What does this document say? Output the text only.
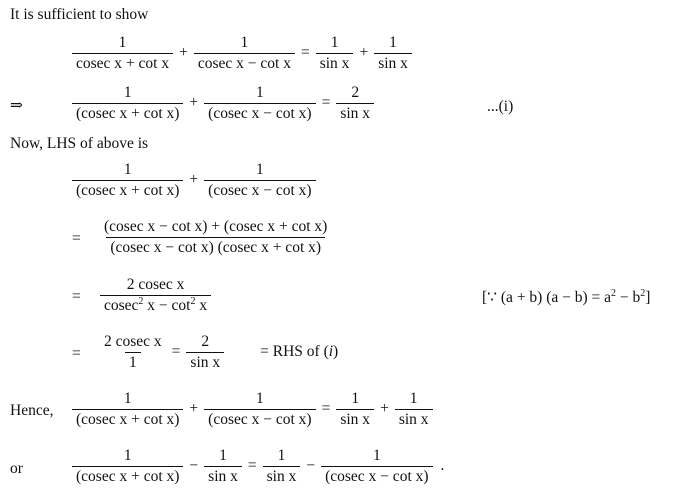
It is sufficient to show
$\frac{1}{\text{cosec x + cot x}} + \frac{1}{\text{cosec x − cot x}} = \frac{1}{\text{sin x}} + \frac{1}{\text{sin x}}$
⇒	$\frac{1}{\text{(cosec x + cot x)}} + \frac{1}{\text{(cosec x − cot x)}} = \frac{2}{\text{sin x}}$	...(i)
Now, LHS of above is
$\frac{1}{\text{(cosec x + cot x)}} + \frac{1}{\text{(cosec x − cot x)}}$
= $\frac{\text{(cosec x − cot x) + (cosec x + cot x)}}{\text{(cosec x − cot x) (cosec x + cot x)}}$
= $\frac{\text{2 cosec x}}{cosec^2 x - \cot^2 x}$	[∵ (a + b) $(a - b) = a^2 - b^2$]
= $\frac{\text{2 cosec x}}{1} = \frac{2}{\text{sin x}}$ = RHS of (i)
Hence, $\frac{1}{\text{(cosec x + cot x)}} + \frac{1}{\text{(cosec x − cot x)}} = \frac{1}{\text{sin x}} + \frac{1}{\text{sin x}}$
or	$\frac{1}{\text{(cosec x + cot x)}} - \frac{1}{\text{sin x}} = \frac{1}{\text{sin x}} - \frac{1}{\text{(cosec x − cot x)}}$ .
